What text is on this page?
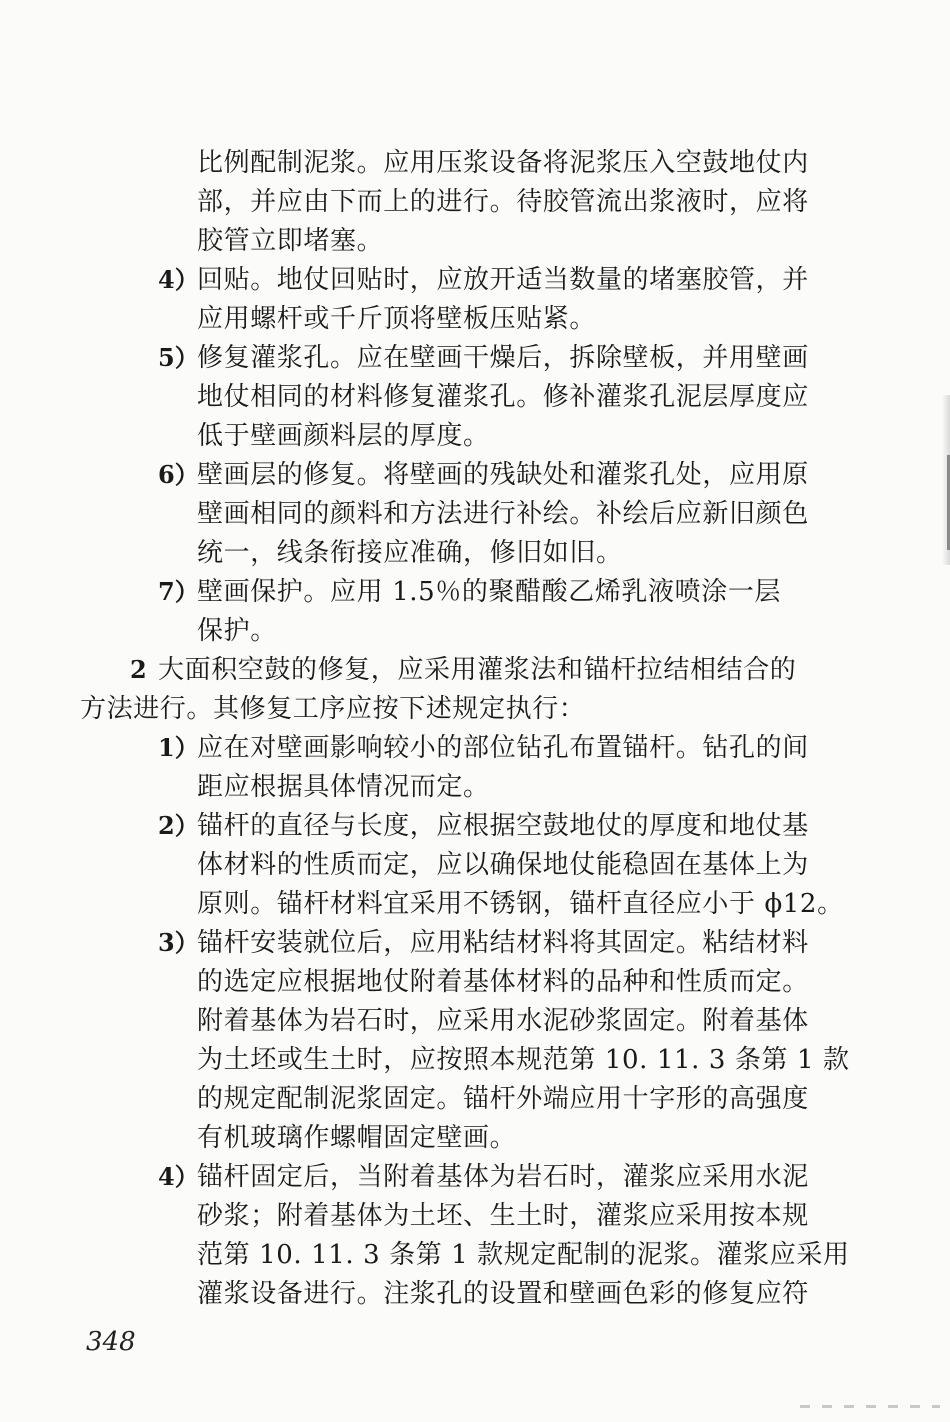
比例配制泥浆。应用压浆设备将泥浆压入空鼓地仗内
部，并应由下而上的进行。待胶管流出浆液时，应将
胶管立即堵塞。
4）
回贴。地仗回贴时，应放开适当数量的堵塞胶管，并
应用螺杆或千斤顶将壁板压贴紧。
5）
修复灌浆孔。应在壁画干燥后，拆除壁板，并用壁画
地仗相同的材料修复灌浆孔。修补灌浆孔泥层厚度应
低于壁画颜料层的厚度。
6）
壁画层的修复。将壁画的残缺处和灌浆孔处，应用原
壁画相同的颜料和方法进行补绘。补绘后应新旧颜色
统一，线条衔接应准确，修旧如旧。
7）
壁画保护。应用 1.5％的聚醋酸乙烯乳液喷涂一层
保护。
2 大面积空鼓的修复，应采用灌浆法和锚杆拉结相结合的
方法进行。其修复工序应按下述规定执行：
1）
应在对壁画影响较小的部位钻孔布置锚杆。钻孔的间
距应根据具体情况而定。
2）
锚杆的直径与长度，应根据空鼓地仗的厚度和地仗基
体材料的性质而定，应以确保地仗能稳固在基体上为
原则。锚杆材料宜采用不锈钢，锚杆直径应小于 ϕ12。
3）
锚杆安装就位后，应用粘结材料将其固定。粘结材料
的选定应根据地仗附着基体材料的品种和性质而定。
附着基体为岩石时，应采用水泥砂浆固定。附着基体
为土坯或生土时，应按照本规范第 10. 11. 3 条第 1 款
的规定配制泥浆固定。锚杆外端应用十字形的高强度
有机玻璃作螺帽固定壁画。
4）
锚杆固定后，当附着基体为岩石时，灌浆应采用水泥
砂浆；附着基体为土坯、生土时，灌浆应采用按本规
范第 10. 11. 3 条第 1 款规定配制的泥浆。灌浆应采用
灌浆设备进行。注浆孔的设置和壁画色彩的修复应符
348
